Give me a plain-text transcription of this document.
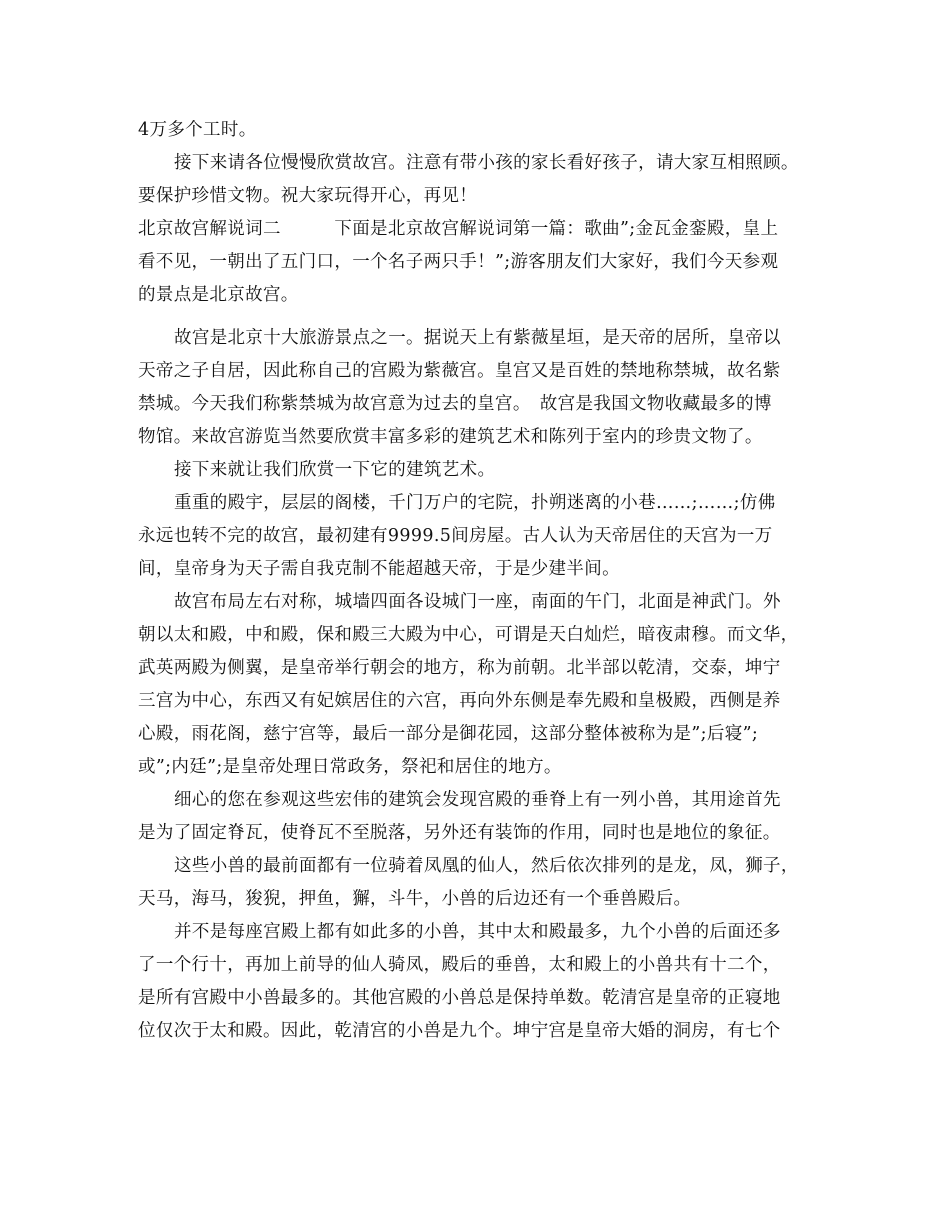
4万多个工时。
接下来请各位慢慢欣赏故宫。注意有带小孩的家长看好孩子，请大家互相照顾。
要保护珍惜文物。祝大家玩得开心，再见！
北京故宫解说词二　　　下面是北京故宫解说词第一篇：歌曲”;金瓦金銮殿，皇上
看不见，一朝出了五门口，一个名子两只手！”;游客朋友们大家好，我们今天参观
的景点是北京故宫。
故宫是北京十大旅游景点之一。据说天上有紫薇星垣，是天帝的居所，皇帝以
天帝之子自居，因此称自己的宫殿为紫薇宫。皇宫又是百姓的禁地称禁城，故名紫
禁城。今天我们称紫禁城为故宫意为过去的皇宫。　故宫是我国文物收藏最多的博
物馆。来故宫游览当然要欣赏丰富多彩的建筑艺术和陈列于室内的珍贵文物了。
接下来就让我们欣赏一下它的建筑艺术。
重重的殿宇，层层的阁楼，千门万户的宅院，扑朔迷离的小巷……;……;仿佛
永远也转不完的故宫，最初建有9999.5间房屋。古人认为天帝居住的天宫为一万
间，皇帝身为天子需自我克制不能超越天帝，于是少建半间。
故宫布局左右对称，城墙四面各设城门一座，南面的午门，北面是神武门。外
朝以太和殿，中和殿，保和殿三大殿为中心，可谓是天白灿烂，暗夜肃穆。而文华，
武英两殿为侧翼，是皇帝举行朝会的地方，称为前朝。北半部以乾清，交泰，坤宁
三宫为中心，东西又有妃嫔居住的六宫，再向外东侧是奉先殿和皇极殿，西侧是养
心殿，雨花阁，慈宁宫等，最后一部分是御花园，这部分整体被称为是”;后寝”;
或”;内廷”;是皇帝处理日常政务，祭祀和居住的地方。
细心的您在参观这些宏伟的建筑会发现宫殿的垂脊上有一列小兽，其用途首先
是为了固定脊瓦，使脊瓦不至脱落，另外还有装饰的作用，同时也是地位的象征。
这些小兽的最前面都有一位骑着凤凰的仙人，然后依次排列的是龙，凤，狮子，
天马，海马，狻猊，押鱼，獬，斗牛，小兽的后边还有一个垂兽殿后。
并不是每座宫殿上都有如此多的小兽，其中太和殿最多，九个小兽的后面还多
了一个行十，再加上前导的仙人骑凤，殿后的垂兽，太和殿上的小兽共有十二个，
是所有宫殿中小兽最多的。其他宫殿的小兽总是保持单数。乾清宫是皇帝的正寝地
位仅次于太和殿。因此，乾清宫的小兽是九个。坤宁宫是皇帝大婚的洞房，有七个
